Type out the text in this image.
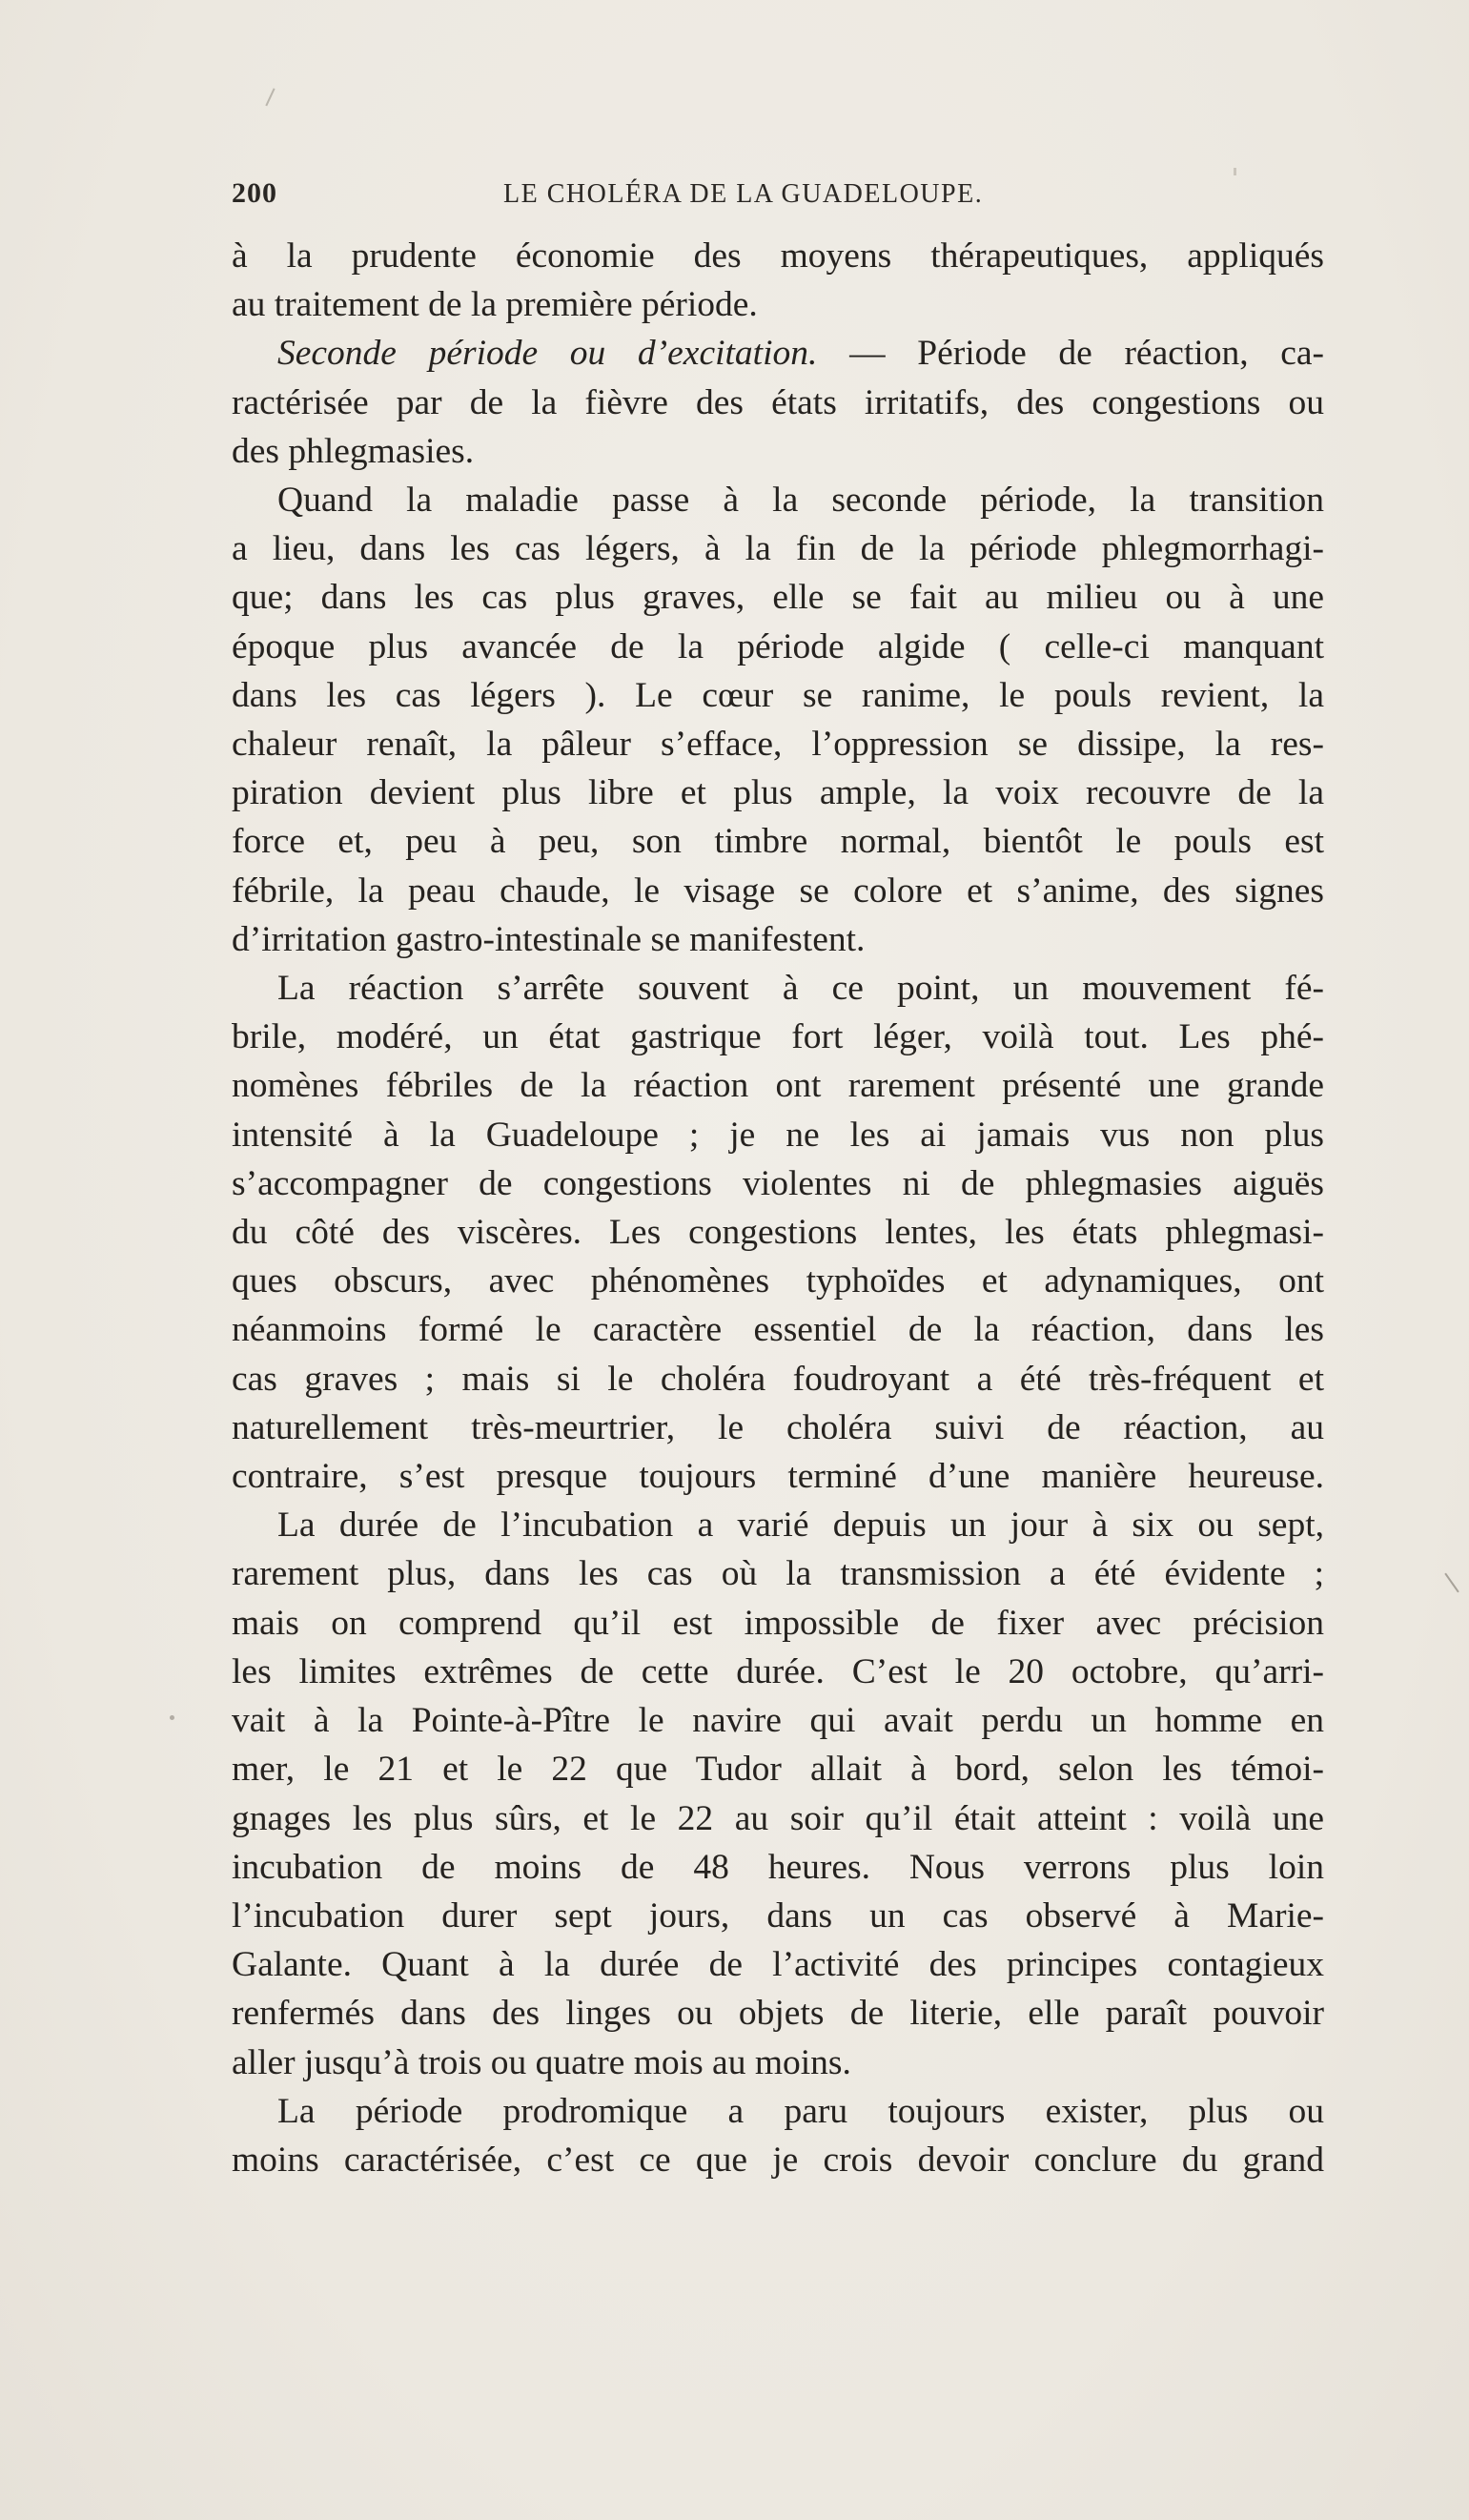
200	LE CHOLÉRA DE LA GUADELOUPE.
à la prudente économie des moyens thérapeutiques, appliqués
au traitement de la première période.
Seconde période ou d’excitation. — Période de réaction, ca-
ractérisée par de la fièvre des états irritatifs, des congestions ou
des phlegmasies.
Quand la maladie passe à la seconde période, la transition
a lieu, dans les cas légers, à la fin de la période phlegmorrhagi-
que; dans les cas plus graves, elle se fait au milieu ou à une
époque plus avancée de la période algide ( celle-ci manquant
dans les cas légers ). Le cœur se ranime, le pouls revient, la
chaleur renaît, la pâleur s’efface, l’oppression se dissipe, la res-
piration devient plus libre et plus ample, la voix recouvre de la
force et, peu à peu, son timbre normal, bientôt le pouls est
fébrile, la peau chaude, le visage se colore et s’anime, des signes
d’irritation gastro-intestinale se manifestent.
La réaction s’arrête souvent à ce point, un mouvement fé-
brile, modéré, un état gastrique fort léger, voilà tout. Les phé-
nomènes fébriles de la réaction ont rarement présenté une grande
intensité à la Guadeloupe ; je ne les ai jamais vus non plus
s’accompagner de congestions violentes ni de phlegmasies aiguës
du côté des viscères. Les congestions lentes, les états phlegmasi-
ques obscurs, avec phénomènes typhoïdes et adynamiques, ont
néanmoins formé le caractère essentiel de la réaction, dans les
cas graves ; mais si le choléra foudroyant a été très-fréquent et
naturellement très-meurtrier, le choléra suivi de réaction, au
contraire, s’est presque toujours terminé d’une manière heureuse.
La durée de l’incubation a varié depuis un jour à six ou sept,
rarement plus, dans les cas où la transmission a été évidente ;
mais on comprend qu’il est impossible de fixer avec précision
les limites extrêmes de cette durée. C’est le 20 octobre, qu’arri-
vait à la Pointe-à-Pître le navire qui avait perdu un homme en
mer, le 21 et le 22 que Tudor allait à bord, selon les témoi-
gnages les plus sûrs, et le 22 au soir qu’il était atteint : voilà une
incubation de moins de 48 heures. Nous verrons plus loin
l’incubation durer sept jours, dans un cas observé à Marie-
Galante. Quant à la durée de l’activité des principes contagieux
renfermés dans des linges ou objets de literie, elle paraît pouvoir
aller jusqu’à trois ou quatre mois au moins.
La période prodromique a paru toujours exister, plus ou
moins caractérisée, c’est ce que je crois devoir conclure du grand
